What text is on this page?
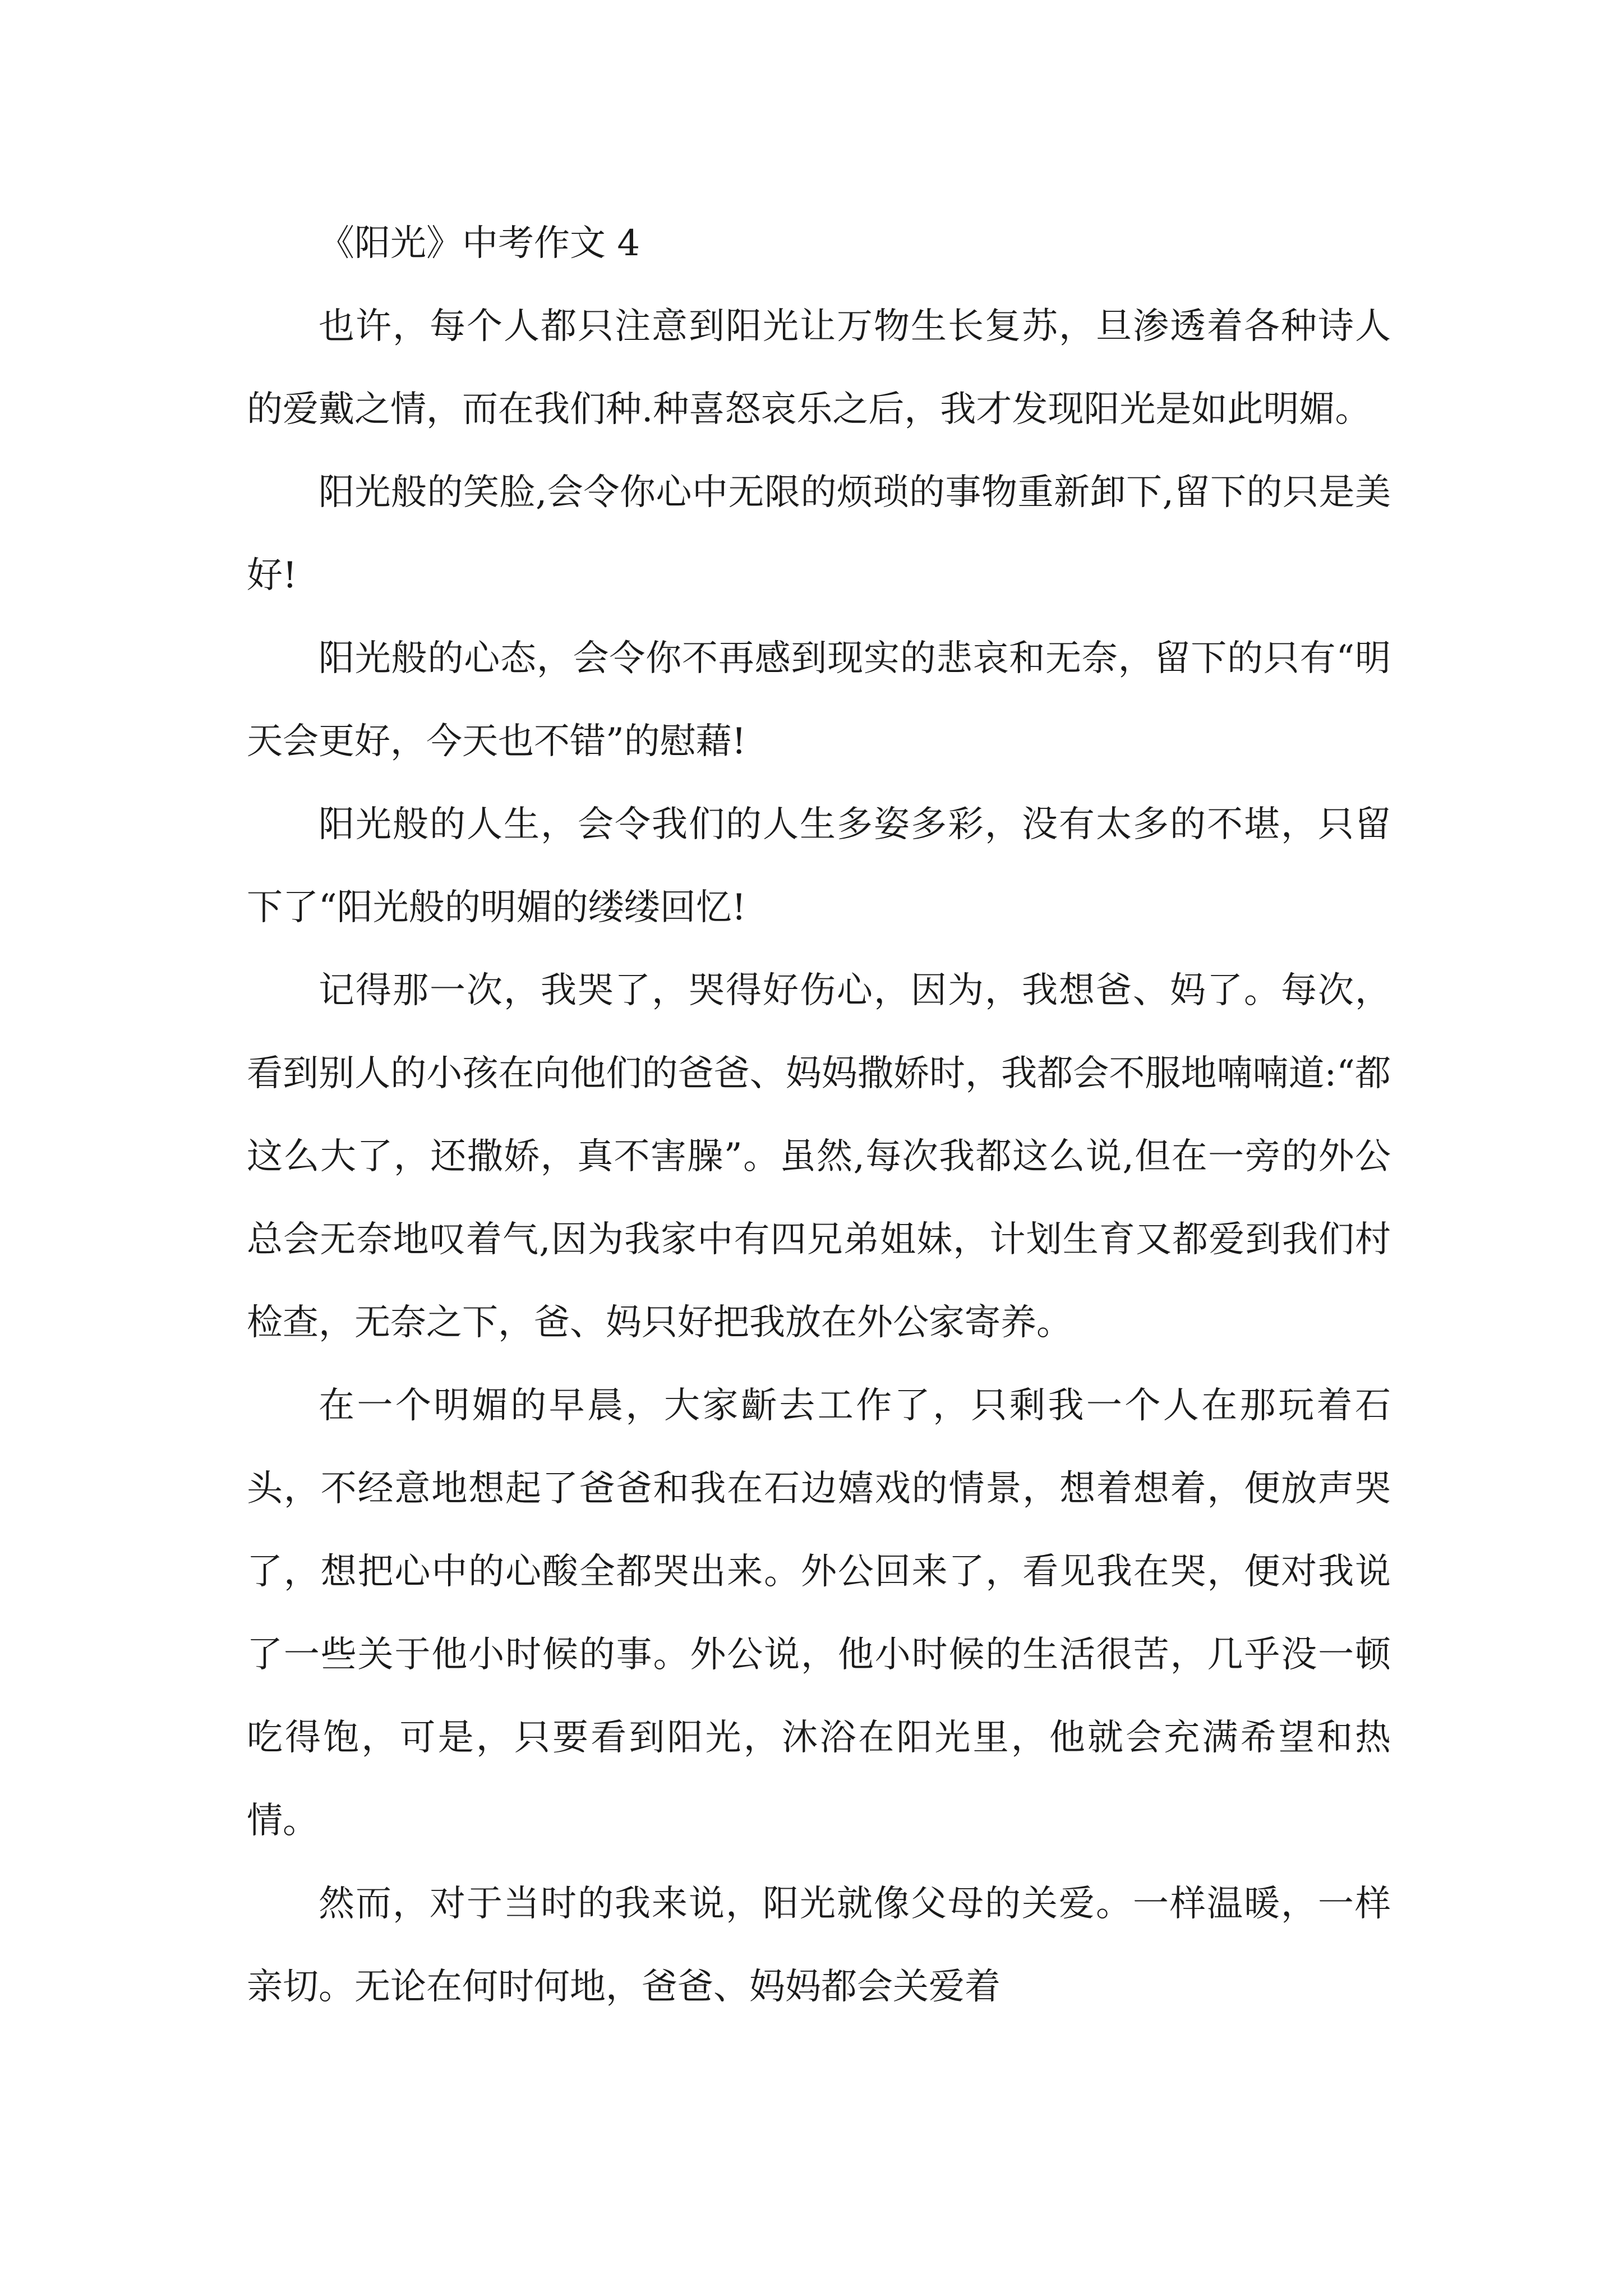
《阳光》中考作文 4

也许，每个人都只注意到阳光让万物生长复苏，旦渗透着各种诗人的爱戴之情，而在我们种.种喜怒哀乐之后，我才发现阳光是如此明媚。

阳光般的笑脸,会令你心中无限的烦琐的事物重新卸下,留下的只是美好!

阳光般的心态，会令你不再感到现实的悲哀和无奈，留下的只有“明天会更好，今天也不错”的慰藉!

阳光般的人生，会令我们的人生多姿多彩，没有太多的不堪，只留下了“阳光般的明媚的缕缕回忆!

记得那一次，我哭了，哭得好伤心，因为，我想爸、妈了。每次，看到别人的小孩在向他们的爸爸、妈妈撒娇时，我都会不服地喃喃道:“都这么大了，还撒娇，真不害臊”。虽然,每次我都这么说,但在一旁的外公总会无奈地叹着气,因为我家中有四兄弟姐妹，计划生育又都爱到我们村检查，无奈之下，爸、妈只好把我放在外公家寄养。

在一个明媚的早晨，大家齗去工作了，只剩我一个人在那玩着石头，不经意地想起了爸爸和我在石边嬉戏的情景，想着想着，便放声哭了，想把心中的心酸全都哭出来。外公回来了，看见我在哭，便对我说了一些关于他小时候的事。外公说，他小时候的生活很苦，几乎没一顿吃得饱，可是，只要看到阳光，沐浴在阳光里，他就会充满希望和热情。

然而，对于当时的我来说，阳光就像父母的关爱。一样温暖，一样亲切。无论在何时何地，爸爸、妈妈都会关爱着
